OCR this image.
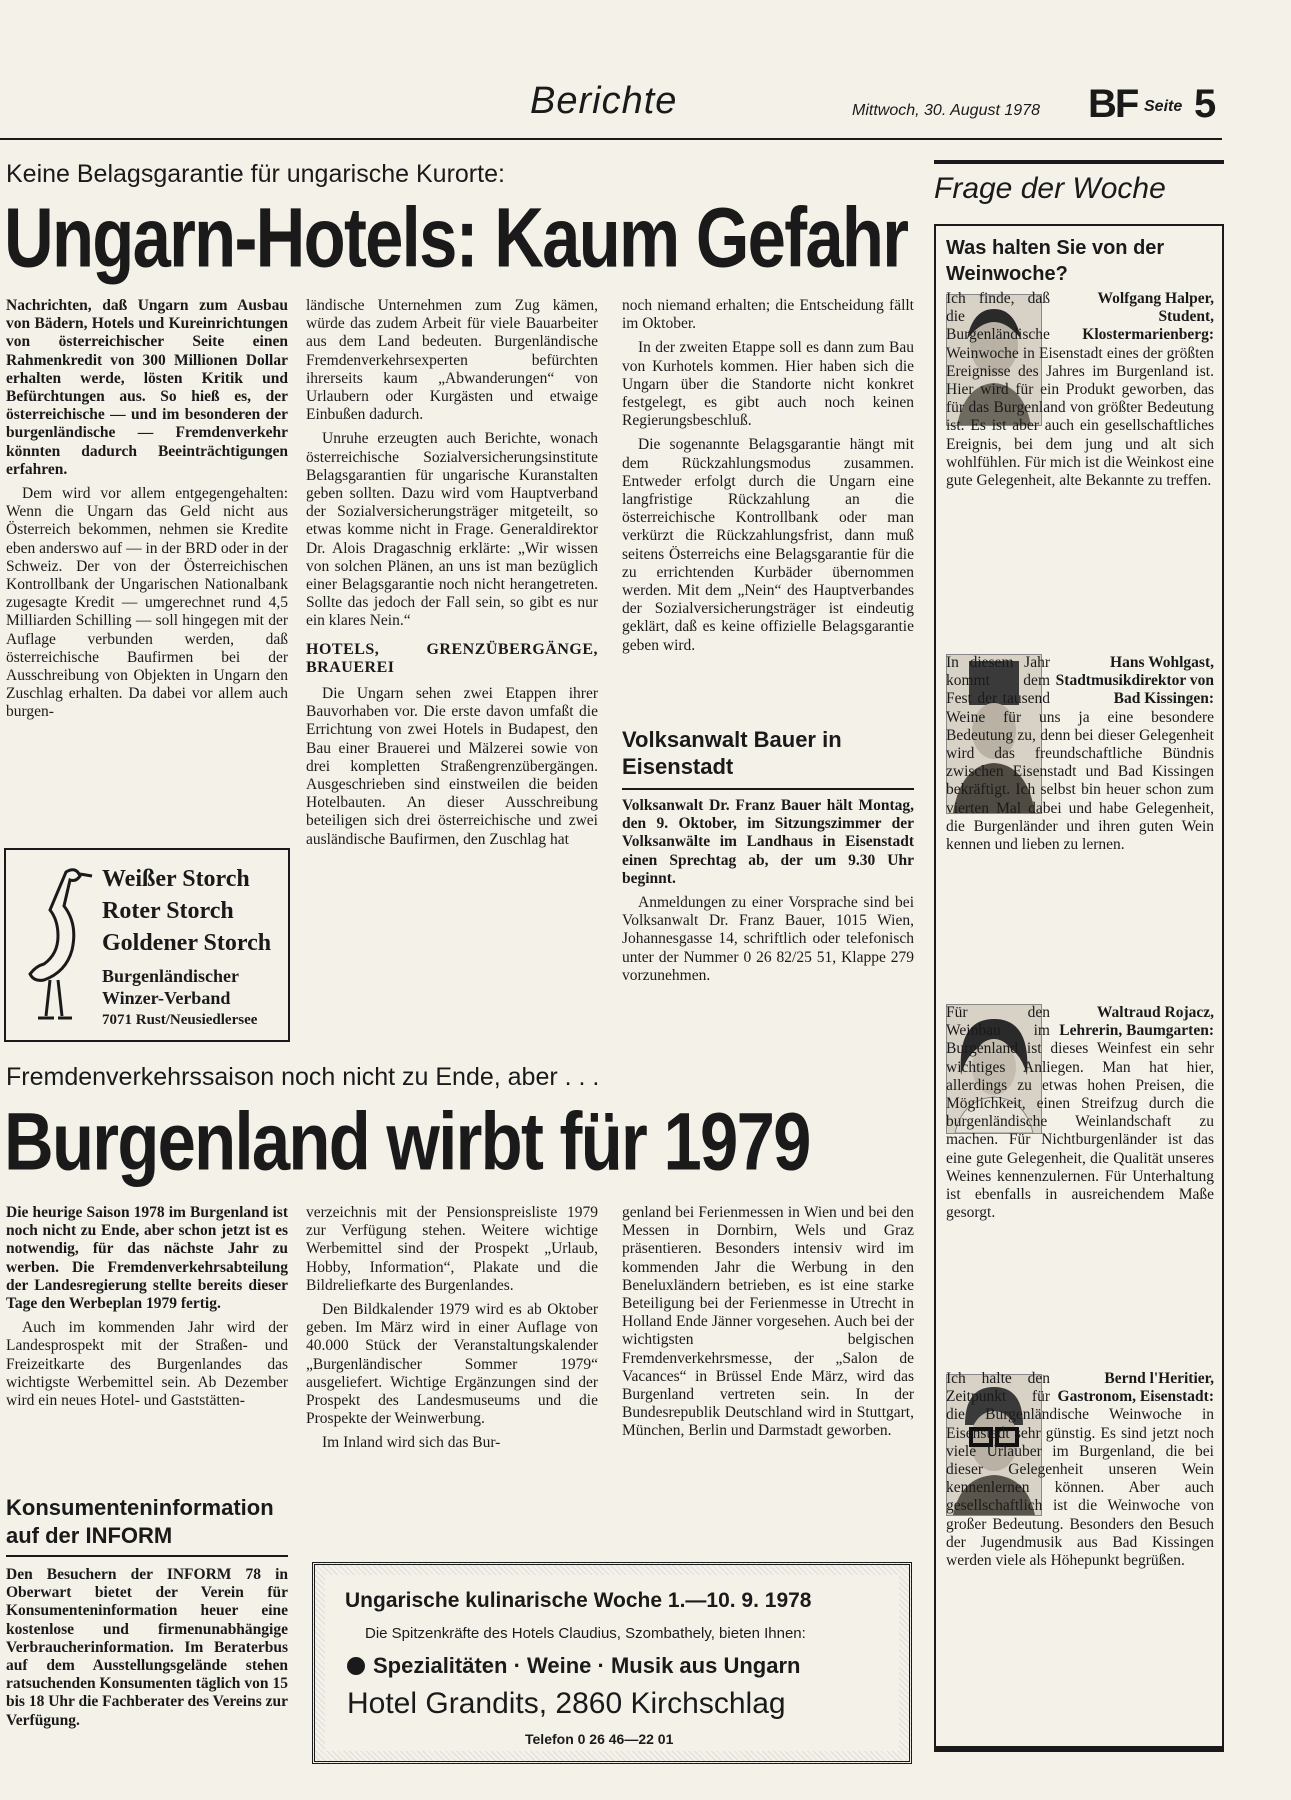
Berichte	Mittwoch, 30. August 1978 BF Seite 5
Keine Belagsgarantie für ungarische Kurorte:
Ungarn-Hotels: Kaum Gefahr

Nachrichten, daß Ungarn zum Ausbau von Bädern, Hotels und Kureinrichtungen von österreichischer Seite einen Rahmenkredit von 300 Millionen Dollar erhalten werde, lösten Kritik und Befürchtungen aus. So hieß es, der österreichische — und im besonderen der burgenländische — Fremdenverkehr könnten dadurch Beeinträchtigungen erfahren.

Dem wird vor allem entgegengehalten: Wenn die Ungarn das Geld nicht aus Österreich bekommen, nehmen sie Kredite eben anderswo auf — in der BRD oder in der Schweiz. Der von der Österreichischen Kontrollbank der Ungarischen Nationalbank zugesagte Kredit — umgerechnet rund 4,5 Milliarden Schilling — soll hingegen mit der Auflage verbunden werden, daß österreichische Baufirmen bei der Ausschreibung von Objekten in Ungarn den Zuschlag erhalten. Da dabei vor allem auch burgen-

ländische Unternehmen zum Zug kämen, würde das zudem Arbeit für viele Bauarbeiter aus dem Land bedeuten. Burgenländische Fremdenverkehrsexperten befürchten ihrerseits kaum „Abwanderungen“ von Urlaubern oder Kurgästen und etwaige Einbußen dadurch.

Unruhe erzeugten auch Berichte, wonach österreichische Sozialversicherungsinstitute Belagsgarantien für ungarische Kuranstalten geben sollten. Dazu wird vom Hauptverband der Sozialversicherungsträger mitgeteilt, so etwas komme nicht in Frage. Generaldirektor Dr. Alois Dragaschnig erklärte: „Wir wissen von solchen Plänen, an uns ist man bezüglich einer Belagsgarantie noch nicht herangetreten. Sollte das jedoch der Fall sein, so gibt es nur ein klares Nein.“

HOTELS, GRENZÜBERGÄNGE, BRAUEREI

Die Ungarn sehen zwei Etappen ihrer Bauvorhaben vor. Die erste davon umfaßt die Errichtung von zwei Hotels in Budapest, den Bau einer Brauerei und Mälzerei sowie von drei kompletten Straßengrenzübergängen. Ausgeschrieben sind einstweilen die beiden Hotelbauten. An dieser Ausschreibung beteiligen sich drei österreichische und zwei ausländische Baufirmen, den Zuschlag hat

noch niemand erhalten; die Entscheidung fällt im Oktober.

In der zweiten Etappe soll es dann zum Bau von Kurhotels kommen. Hier haben sich die Ungarn über die Standorte nicht konkret festgelegt, es gibt auch noch keinen Regierungsbeschluß.

Die sogenannte Belagsgarantie hängt mit dem Rückzahlungsmodus zusammen. Entweder erfolgt durch die Ungarn eine langfristige Rückzahlung an die österreichische Kontrollbank oder man verkürzt die Rückzahlungsfrist, dann muß seitens Österreichs eine Belagsgarantie für die zu errichtenden Kurbäder übernommen werden. Mit dem „Nein“ des Hauptverbandes der Sozialversicherungsträger ist eindeutig geklärt, daß es keine offizielle Belagsgarantie geben wird.

Weißer Storch
Roter Storch
Goldener Storch
Burgenländischer
Winzer-Verband
7071 Rust/Neusiedlersee
Volksanwalt Bauer in Eisenstadt

Volksanwalt Dr. Franz Bauer hält Montag, den 9. Oktober, im Sitzungszimmer der Volksanwälte im Landhaus in Eisenstadt einen Sprechtag ab, der um 9.30 Uhr beginnt.

Anmeldungen zu einer Vorsprache sind bei Volksanwalt Dr. Franz Bauer, 1015 Wien, Johannesgasse 14, schriftlich oder telefonisch unter der Nummer 0 26 82/25 51, Klappe 279 vorzunehmen.

Fremdenverkehrssaison noch nicht zu Ende, aber . . .
Burgenland wirbt für 1979

Die heurige Saison 1978 im Burgenland ist noch nicht zu Ende, aber schon jetzt ist es notwendig, für das nächste Jahr zu werben. Die Fremdenverkehrsabteilung der Landesregierung stellte bereits dieser Tage den Werbeplan 1979 fertig.

Auch im kommenden Jahr wird der Landesprospekt mit der Straßen- und Freizeitkarte des Burgenlandes das wichtigste Werbemittel sein. Ab Dezember wird ein neues Hotel- und Gaststätten-

verzeichnis mit der Pensionspreisliste 1979 zur Verfügung stehen. Weitere wichtige Werbemittel sind der Prospekt „Urlaub, Hobby, Information“, Plakate und die Bildreliefkarte des Burgenlandes.

Den Bildkalender 1979 wird es ab Oktober geben. Im März wird in einer Auflage von 40.000 Stück der Veranstaltungskalender „Burgenländischer Sommer 1979“ ausgeliefert. Wichtige Ergänzungen sind der Prospekt des Landesmuseums und die Prospekte der Weinwerbung.

Im Inland wird sich das Bur-

genland bei Ferienmessen in Wien und bei den Messen in Dornbirn, Wels und Graz präsentieren. Besonders intensiv wird im kommenden Jahr die Werbung in den Beneluxländern betrieben, es ist eine starke Beteiligung bei der Ferienmesse in Utrecht in Holland Ende Jänner vorgesehen. Auch bei der wichtigsten belgischen Fremdenverkehrsmesse, der „Salon de Vacances“ in Brüssel Ende März, wird das Burgenland vertreten sein. In der Bundesrepublik Deutschland wird in Stuttgart, München, Berlin und Darmstadt geworben.

Konsumenteninformation
auf der INFORM
Den Besuchern der INFORM 78 in Oberwart bietet der Verein für Konsumenteninformation heuer eine kostenlose und firmenunabhängige Verbraucherinformation. Im Beraterbus auf dem Ausstellungsgelände stehen ratsuchenden Konsumenten täglich von 15 bis 18 Uhr die Fachberater des Vereins zur Verfügung.
Ungarische kulinarische Woche 1.—10. 9. 1978
Die Spitzenkräfte des Hotels Claudius, Szombathely, bieten Ihnen:
Spezialitäten · Weine · Musik aus Ungarn
Hotel Grandits, 2860 Kirchschlag
Telefon 0 26 46—22 01
Frage der Woche
Was halten Sie von der Weinwoche?
Wolfgang Halper, Student, Klostermarienberg:
Ich finde, daß die Burgenländische Weinwoche in Eisenstadt eines der größten Ereignisse des Jahres im Burgenland ist. Hier wird für ein Produkt geworben, das für das Burgenland von größter Bedeutung ist. Es ist aber auch ein gesellschaftliches Ereignis, bei dem jung und alt sich wohlfühlen. Für mich ist die Weinkost eine gute Gelegenheit, alte Bekannte zu treffen.
Hans Wohlgast, Stadtmusikdirektor von Bad Kissingen:
In diesem Jahr kommt dem Fest der tausend Weine für uns ja eine besondere Bedeutung zu, denn bei dieser Gelegenheit wird das freundschaftliche Bündnis zwischen Eisenstadt und Bad Kissingen bekräftigt. Ich selbst bin heuer schon zum vierten Mal dabei und habe Gelegenheit, die Burgenländer und ihren guten Wein kennen und lieben zu lernen.
Waltraud Rojacz, Lehrerin, Baumgarten:
Für den Weinbau im Burgenland ist dieses Weinfest ein sehr wichtiges Anliegen. Man hat hier, allerdings zu etwas hohen Preisen, die Möglichkeit, einen Streifzug durch die burgenländische Weinlandschaft zu machen. Für Nichtburgenländer ist das eine gute Gelegenheit, die Qualität unseres Weines kennenzulernen. Für Unterhaltung ist ebenfalls in ausreichendem Maße gesorgt.
Bernd l'Heritier, Gastronom, Eisenstadt:
Ich halte den Zeitpunkt für die Burgenländische Weinwoche in Eisenstadt sehr günstig. Es sind jetzt noch viele Urlauber im Burgenland, die bei dieser Gelegenheit unseren Wein kennenlernen können. Aber auch gesellschaftlich ist die Weinwoche von großer Bedeutung. Besonders den Besuch der Jugendmusik aus Bad Kissingen werden viele als Höhepunkt begrüßen.
